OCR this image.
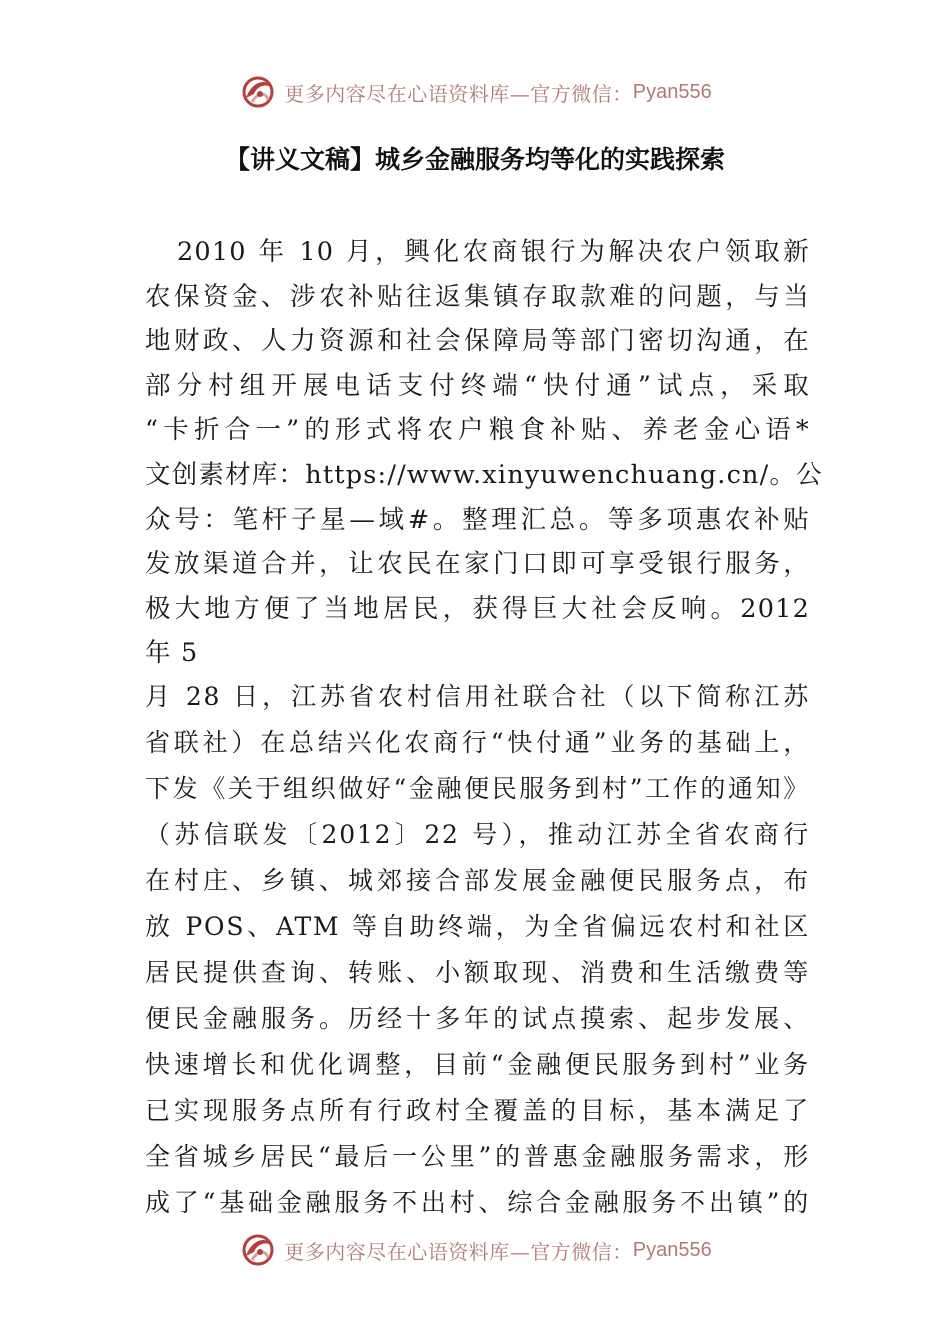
更多内容尽在心语资料库—官方微信： Pyan556
【讲义文稿】城乡金融服务均等化的实践探索
2010 年 10 月，興化农商银行为解决农户领取新
农保资金、涉农补贴往返集镇存取款难的问题，与当
地财政、人力资源和社会保障局等部门密切沟通，在
部分村组开展电话支付终端“快付通”试点，采取
“卡折合一”的形式将农户粮食补贴、养老金心语*
文创素材库：https://www.xinyuwenchuang.cn/。公
众号：笔杆子星—域#。整理汇总。等多项惠农补贴
发放渠道合并，让农民在家门口即可享受银行服务，
极大地方便了当地居民，获得巨大社会反响。2012
年 5
月 28 日，江苏省农村信用社联合社（以下简称江苏
省联社）在总结兴化农商行“快付通”业务的基础上，
下发《关于组织做好“金融便民服务到村”工作的通知》
（苏信联发〔2012〕22 号），推动江苏全省农商行
在村庄、乡镇、城郊接合部发展金融便民服务点，布
放 POS、ATM 等自助终端，为全省偏远农村和社区
居民提供查询、转账、小额取现、消费和生活缴费等
便民金融服务。历经十多年的试点摸索、起步发展、
快速增长和优化调整，目前“金融便民服务到村”业务
已实现服务点所有行政村全覆盖的目标，基本满足了
全省城乡居民“最后一公里”的普惠金融服务需求，形
成了“基础金融服务不出村、综合金融服务不出镇”的
更多内容尽在心语资料库—官方微信： Pyan556
